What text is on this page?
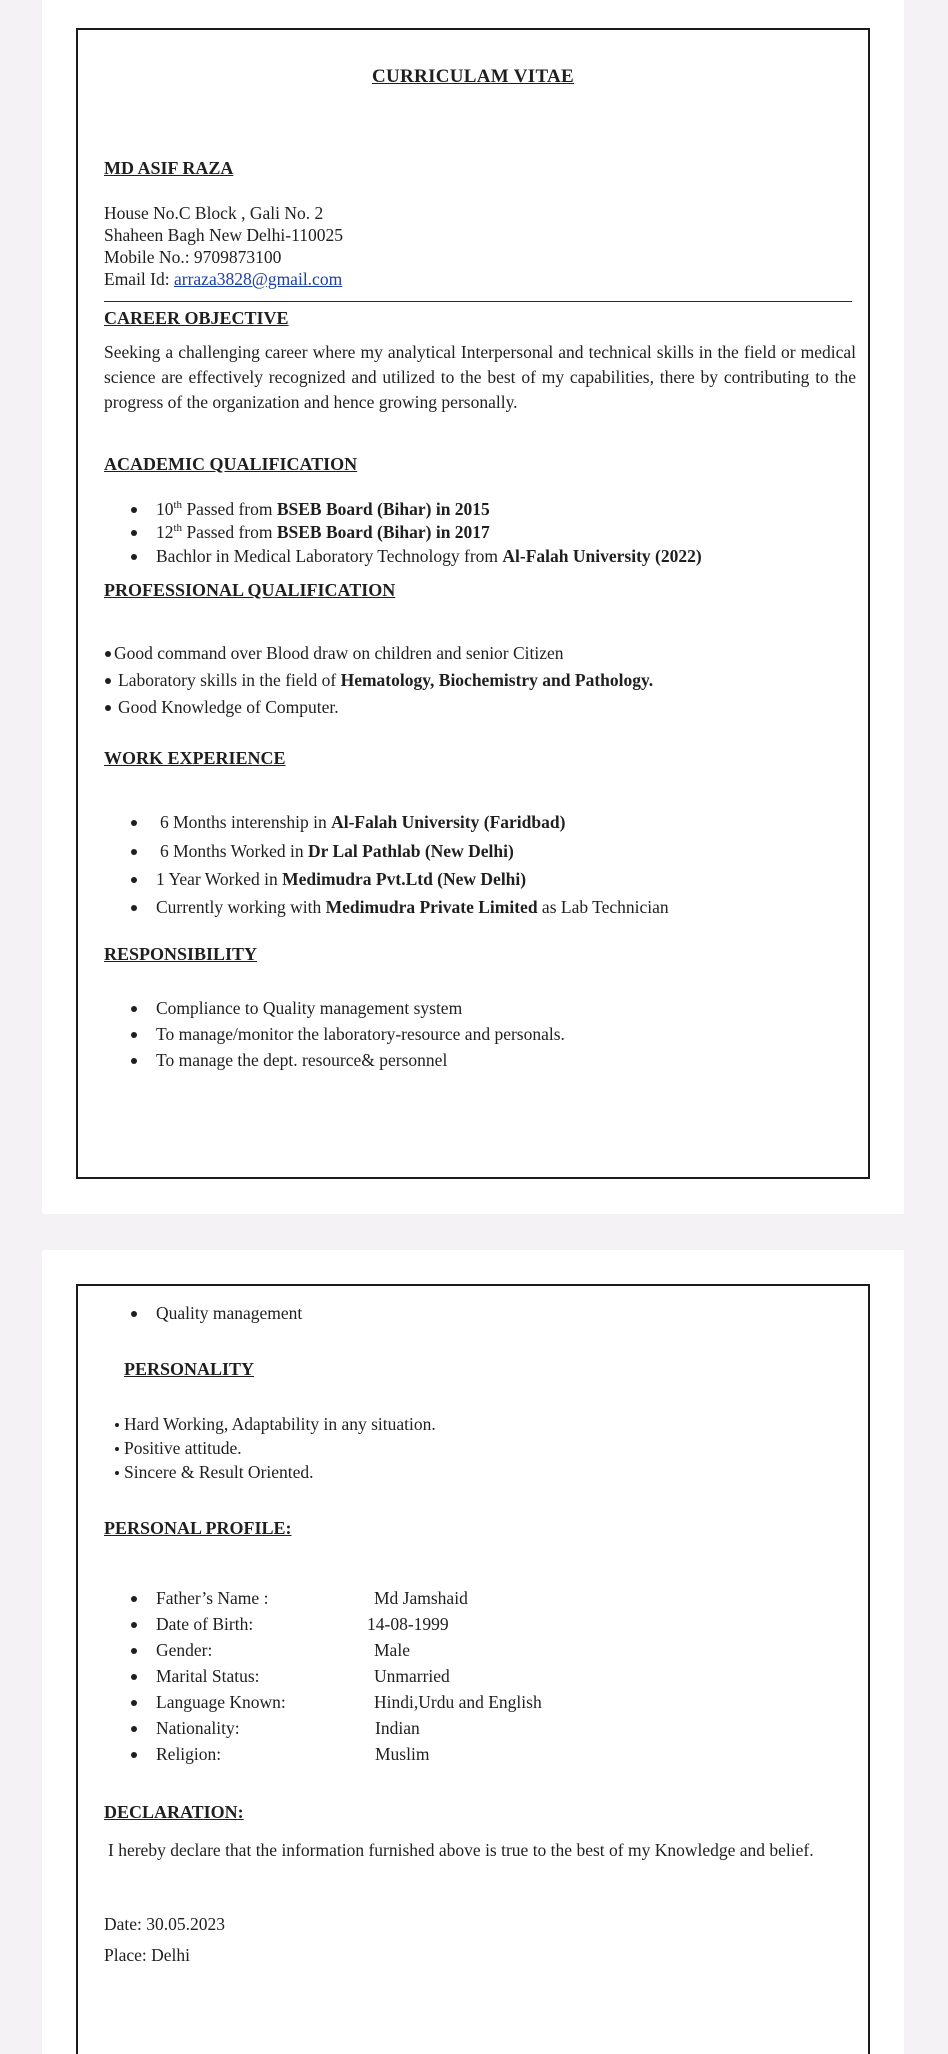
CURRICULAM VITAE
MD ASIF RAZA
House No.C Block , Gali No. 2
Shaheen Bagh New Delhi-110025
Mobile No.: 9709873100
Email Id: arraza3828@gmail.com
CAREER OBJECTIVE
Seeking a challenging career where my analytical Interpersonal and technical skills in the field or medical science are effectively recognized and utilized to the best of my capabilities, there by contributing to the progress of the organization and hence growing personally.
ACADEMIC QUALIFICATION
10th Passed from BSEB Board (Bihar) in 2015
12th Passed from BSEB Board (Bihar) in 2017
Bachlor in Medical Laboratory Technology from Al-Falah University (2022)
PROFESSIONAL QUALIFICATION
Good command over Blood draw on children and senior Citizen
Laboratory skills in the field of Hematology, Biochemistry and Pathology.
Good Knowledge of Computer.
WORK EXPERIENCE
6 Months interenship in Al-Falah University (Faridbad)
6 Months Worked in Dr Lal Pathlab (New Delhi)
1 Year Worked in Medimudra Pvt.Ltd (New Delhi)
Currently working with Medimudra Private Limited as Lab Technician
RESPONSIBILITY
Compliance to Quality management system
To manage/monitor the laboratory-resource and personals.
To manage the dept. resource& personnel
Quality management
PERSONALITY
Hard Working, Adaptability in any situation.
Positive attitude.
Sincere & Result Oriented.
PERSONAL PROFILE:
Father’s Name :	Md Jamshaid
Date of Birth:	14-08-1999
Gender:	Male
Marital Status:	Unmarried
Language Known:	Hindi,Urdu and English
Nationality:	Indian
Religion:	Muslim
DECLARATION:
I hereby declare that the information furnished above is true to the best of my Knowledge and belief.
Date: 30.05.2023
Place: Delhi
